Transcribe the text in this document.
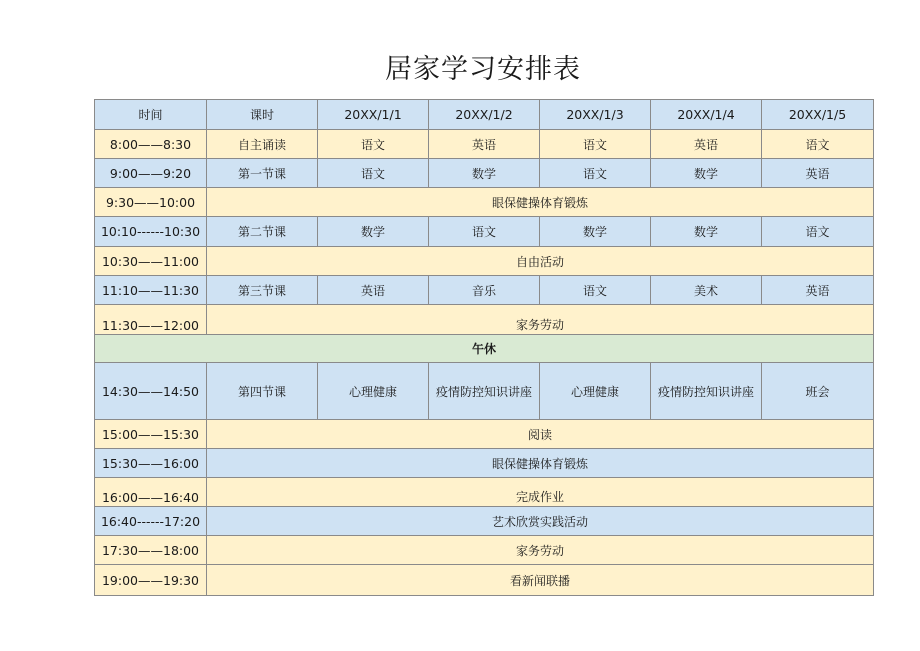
居家学习安排表
时间	课时	20XX/1/1	20XX/1/2	20XX/1/3	20XX/1/4	20XX/1/5
8:00——8:30	自主诵读	语文	英语	语文	英语	语文
9:00——9:20	第一节课	语文	数学	语文	数学	英语
9:30——10:00	眼保健操体育锻炼					
10:10------10:30	第二节课	数学	语文	数学	数学	语文
10:30——11:00	自由活动					
11:10——11:30	第三节课	英语	音乐	语文	美术	英语
11:30——12:00	家务劳动					
午休						
14:30——14:50	第四节课	心理健康	疫情防控知识讲座	心理健康	疫情防控知识讲座	班会
15:00——15:30	阅读					
15:30——16:00	眼保健操体育锻炼					
16:00——16:40	完成作业					
16:40------17:20	艺术欣赏实践活动					
17:30——18:00	家务劳动					
19:00——19:30	看新闻联播					
